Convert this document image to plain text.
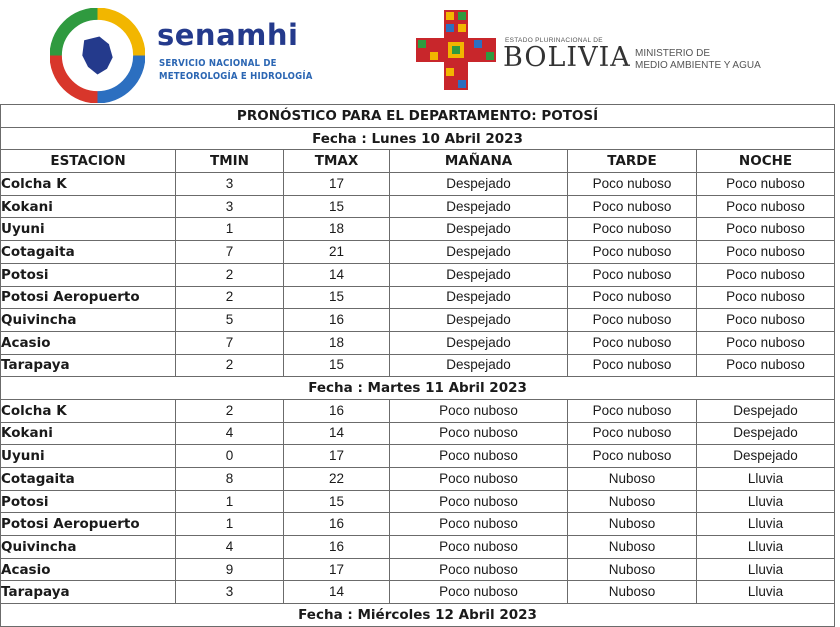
senamhi
SERVICIO NACIONAL DE
METEOROLOGÍA E HIDROLOGÍA
ESTADO PLURINACIONAL DE
BOLIVIA MINISTERIO DE
MEDIO AMBIENTE Y AGUA
PRONÓSTICO PARA EL DEPARTAMENTO: POTOSÍ					
Fecha : Lunes 10 Abril 2023					
ESTACION	TMIN	TMAX	MAÑANA	TARDE	NOCHE
Colcha K	3	17	Despejado	Poco nuboso	Poco nuboso
Kokani	3	15	Despejado	Poco nuboso	Poco nuboso
Uyuni	1	18	Despejado	Poco nuboso	Poco nuboso
Cotagaita	7	21	Despejado	Poco nuboso	Poco nuboso
Potosi	2	14	Despejado	Poco nuboso	Poco nuboso
Potosi Aeropuerto	2	15	Despejado	Poco nuboso	Poco nuboso
Quivincha	5	16	Despejado	Poco nuboso	Poco nuboso
Acasio	7	18	Despejado	Poco nuboso	Poco nuboso
Tarapaya	2	15	Despejado	Poco nuboso	Poco nuboso
Fecha : Martes 11 Abril 2023					
Colcha K	2	16	Poco nuboso	Poco nuboso	Despejado
Kokani	4	14	Poco nuboso	Poco nuboso	Despejado
Uyuni	0	17	Poco nuboso	Poco nuboso	Despejado
Cotagaita	8	22	Poco nuboso	Nuboso	Lluvia
Potosi	1	15	Poco nuboso	Nuboso	Lluvia
Potosi Aeropuerto	1	16	Poco nuboso	Nuboso	Lluvia
Quivincha	4	16	Poco nuboso	Nuboso	Lluvia
Acasio	9	17	Poco nuboso	Nuboso	Lluvia
Tarapaya	3	14	Poco nuboso	Nuboso	Lluvia
Fecha : Miércoles 12 Abril 2023					
